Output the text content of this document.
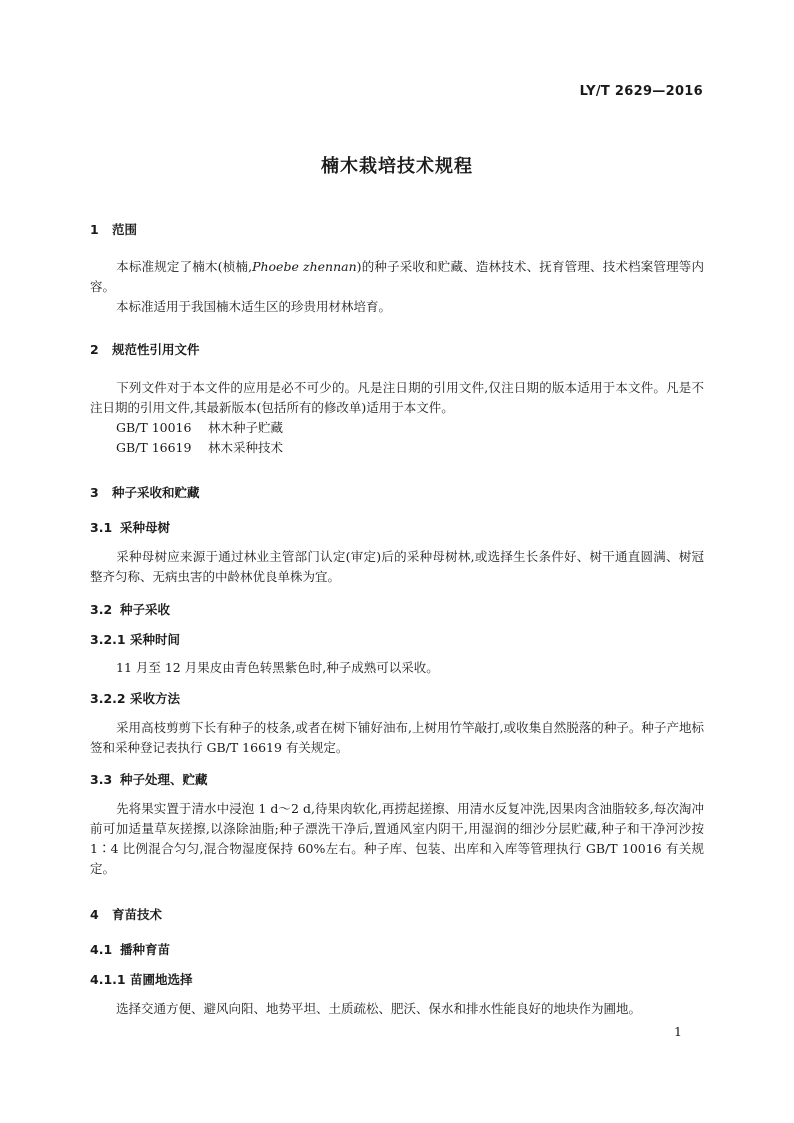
LY/T 2629—2016
楠木栽培技术规程
1 范围
本标准规定了楠木(桢楠,Phoebe zhennan)的种子采收和贮藏、造林技术、抚育管理、技术档案管理等内容。
本标准适用于我国楠木适生区的珍贵用材林培育。
2 规范性引用文件
下列文件对于本文件的应用是必不可少的。凡是注日期的引用文件,仅注日期的版本适用于本文件。凡是不注日期的引用文件,其最新版本(包括所有的修改单)适用于本文件。
GB/T 10016 林木种子贮藏
GB/T 16619 林木采种技术
3 种子采收和贮藏
3.1 采种母树
采种母树应来源于通过林业主管部门认定(审定)后的采种母树林,或选择生长条件好、树干通直圆满、树冠整齐匀称、无病虫害的中龄林优良单株为宜。
3.2 种子采收
3.2.1 采种时间
11 月至 12 月果皮由青色转黑紫色时,种子成熟可以采收。
3.2.2 采收方法
采用高枝剪剪下长有种子的枝条,或者在树下铺好油布,上树用竹竿敲打,或收集自然脱落的种子。种子产地标签和采种登记表执行 GB/T 16619 有关规定。
3.3 种子处理、贮藏
先将果实置于清水中浸泡 1 d～2 d,待果肉软化,再捞起搓擦、用清水反复冲洗,因果肉含油脂较多,每次淘冲前可加适量草灰搓擦,以涤除油脂;种子漂洗干净后,置通风室内阴干,用湿润的细沙分层贮藏,种子和干净河沙按 1∶4 比例混合匀匀,混合物湿度保持 60%左右。种子库、包装、出库和入库等管理执行 GB/T 10016 有关规定。
4 育苗技术
4.1 播种育苗
4.1.1 苗圃地选择
选择交通方便、避风向阳、地势平坦、土质疏松、肥沃、保水和排水性能良好的地块作为圃地。
1
